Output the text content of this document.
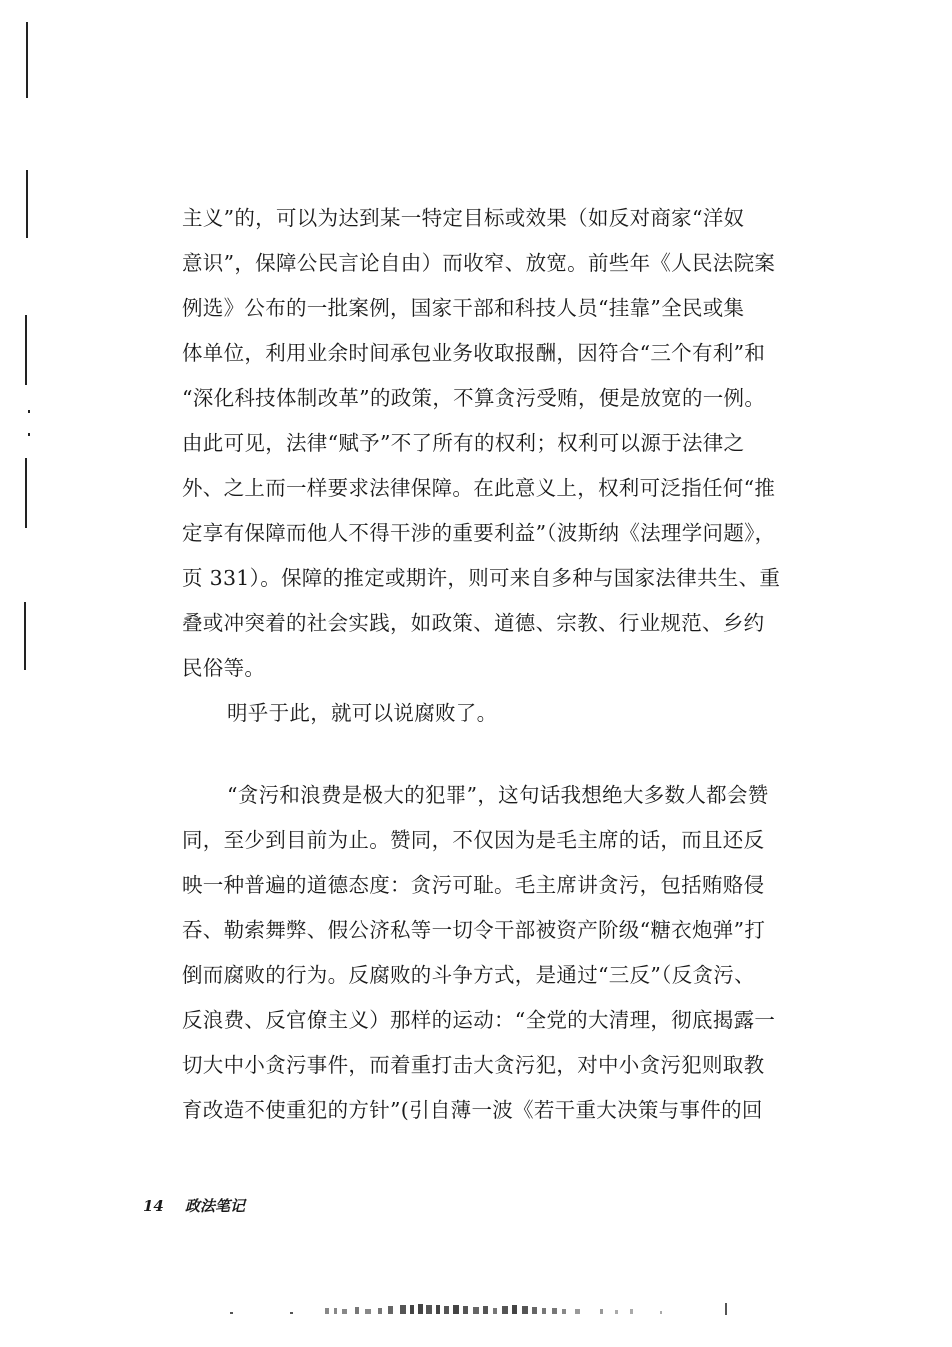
主义”的，可以为达到某一特定目标或效果（如反对商家“洋奴
意识”，保障公民言论自由）而收窄、放宽。前些年《人民法院案
例选》公布的一批案例，国家干部和科技人员“挂靠”全民或集
体单位，利用业余时间承包业务收取报酬，因符合“三个有利”和
“深化科技体制改革”的政策，不算贪污受贿，便是放宽的一例。
由此可见，法律“赋予”不了所有的权利；权利可以源于法律之
外、之上而一样要求法律保障。在此意义上，权利可泛指任何“推
定享有保障而他人不得干涉的重要利益”（波斯纳《法理学问题》，
页 331）。保障的推定或期许，则可来自多种与国家法律共生、重
叠或冲突着的社会实践，如政策、道德、宗教、行业规范、乡约
民俗等。
明乎于此，就可以说腐败了。
“贪污和浪费是极大的犯罪”，这句话我想绝大多数人都会赞
同，至少到目前为止。赞同，不仅因为是毛主席的话，而且还反
映一种普遍的道德态度：贪污可耻。毛主席讲贪污，包括贿赂侵
吞、勒索舞弊、假公济私等一切令干部被资产阶级“糖衣炮弹”打
倒而腐败的行为。反腐败的斗争方式，是通过“三反”（反贪污、
反浪费、反官僚主义）那样的运动：“全党的大清理，彻底揭露一
切大中小贪污事件，而着重打击大贪污犯，对中小贪污犯则取教
育改造不使重犯的方针”(引自薄一波《若干重大决策与事件的回
14 政法笔记
